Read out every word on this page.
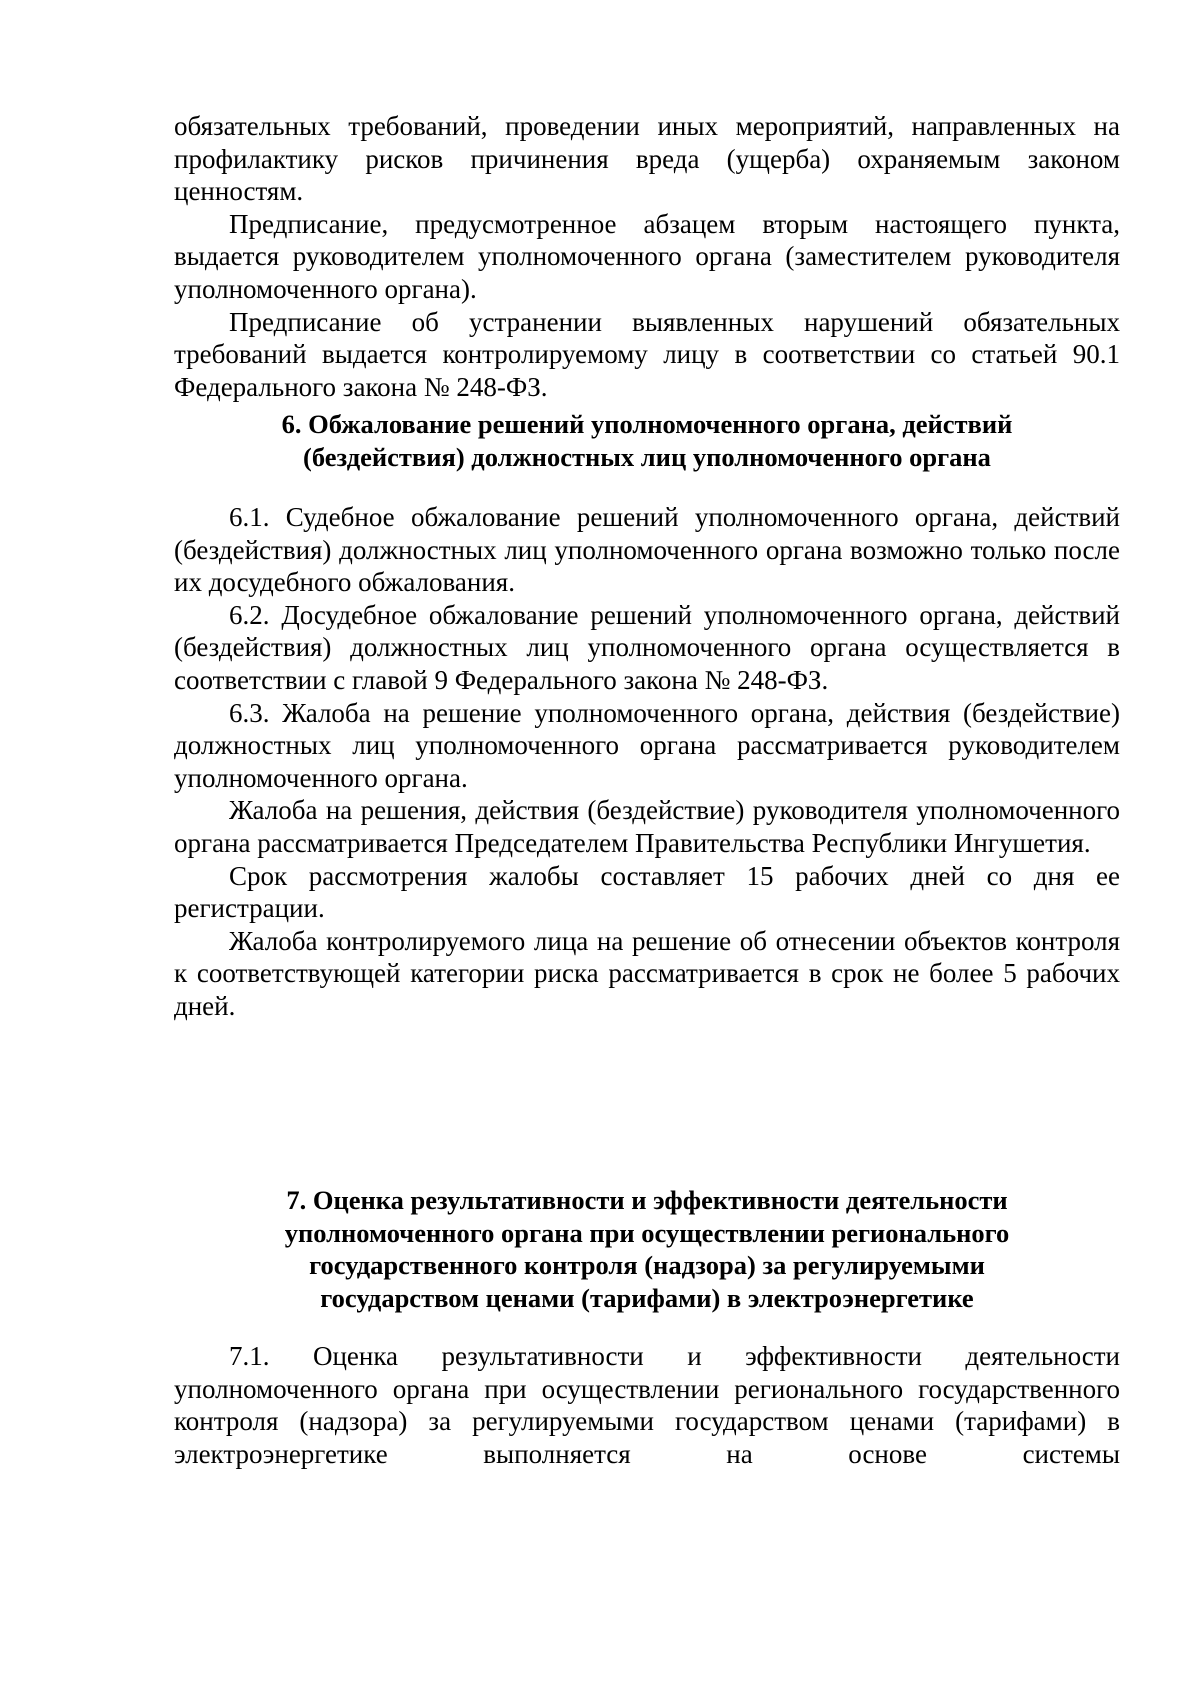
обязательных требований, проведении иных мероприятий, направленных на профилактику рисков причинения вреда (ущерба) охраняемым законом ценностям.

Предписание, предусмотренное абзацем вторым настоящего пункта, выдается руководителем уполномоченного органа (заместителем руководителя уполномоченного органа).

Предписание об устранении выявленных нарушений обязательных требований выдается контролируемому лицу в соответствии со статьей 90.1 Федерального закона № 248-ФЗ.

6. Обжалование решений уполномоченного органа, действий
(бездействия) должностных лиц уполномоченного органа

6.1. Судебное обжалование решений уполномоченного органа, действий (бездействия) должностных лиц уполномоченного органа возможно только после их досудебного обжалования.

6.2. Досудебное обжалование решений уполномоченного органа, действий (бездействия) должностных лиц уполномоченного органа осуществляется в соответствии с главой 9 Федерального закона № 248-ФЗ.

6.3. Жалоба на решение уполномоченного органа, действия (бездействие) должностных лиц уполномоченного органа рассматривается руководителем уполномоченного органа.

Жалоба на решения, действия (бездействие) руководителя уполномоченного органа рассматривается Председателем Правительства Республики Ингушетия.

Срок рассмотрения жалобы составляет 15 рабочих дней со дня ее регистрации.

Жалоба контролируемого лица на решение об отнесении объектов контроля к соответствующей категории риска рассматривается в срок не более 5 рабочих дней.

7. Оценка результативности и эффективности деятельности
уполномоченного органа при осуществлении регионального
государственного контроля (надзора) за регулируемыми
государством ценами (тарифами) в электроэнергетике

7.1. Оценка результативности и эффективности деятельности уполномоченного органа при осуществлении регионального государственного контроля (надзора) за регулируемыми государством ценами (тарифами) в электроэнергетике выполняется на основе системы
